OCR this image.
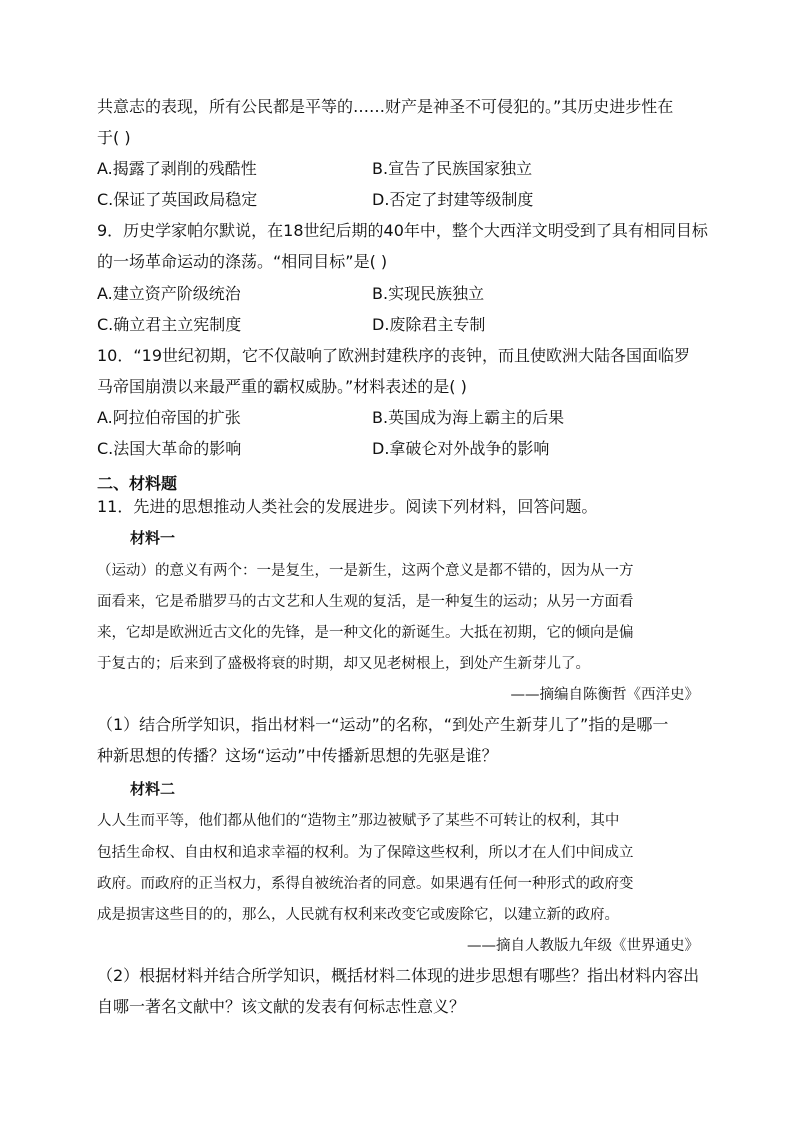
共意志的表现，所有公民都是平等的……财产是神圣不可侵犯的。”其历史进步性在
于( )
A.揭露了剥削的残酷性	B.宣告了民族国家独立
C.保证了英国政局稳定	D.否定了封建等级制度
9．历史学家帕尔默说，在18世纪后期的40年中，整个大西洋文明受到了具有相同目标
的一场革命运动的涤荡。“相同目标”是( )
A.建立资产阶级统治	B.实现民族独立
C.确立君主立宪制度	D.废除君主专制
10．“19世纪初期，它不仅敲响了欧洲封建秩序的丧钟，而且使欧洲大陆各国面临罗
马帝国崩溃以来最严重的霸权威胁。”材料表述的是( )
A.阿拉伯帝国的扩张	B.英国成为海上霸主的后果
C.法国大革命的影响	D.拿破仑对外战争的影响
二、材料题
11．先进的思想推动人类社会的发展进步。阅读下列材料，回答问题。
材料一
（运动）的意义有两个：一是复生，一是新生，这两个意义是都不错的，因为从一方
面看来，它是希腊罗马的古文艺和人生观的复活，是一种复生的运动；从另一方面看
来，它却是欧洲近古文化的先锋，是一种文化的新诞生。大抵在初期，它的倾向是偏
于复古的；后来到了盛极将衰的时期，却又见老树根上，到处产生新芽儿了。
——摘编自陈衡哲《西洋史》
（1）结合所学知识，指出材料一“运动”的名称，“到处产生新芽儿了”指的是哪一
种新思想的传播？这场“运动”中传播新思想的先驱是谁？
材料二
人人生而平等，他们都从他们的“造物主”那边被赋予了某些不可转让的权利，其中
包括生命权、自由权和追求幸福的权利。为了保障这些权利，所以才在人们中间成立
政府。而政府的正当权力，系得自被统治者的同意。如果遇有任何一种形式的政府变
成是损害这些目的的，那么，人民就有权利来改变它或废除它，以建立新的政府。
——摘自人教版九年级《世界通史》
（2）根据材料并结合所学知识，概括材料二体现的进步思想有哪些？指出材料内容出
自哪一著名文献中？该文献的发表有何标志性意义？
